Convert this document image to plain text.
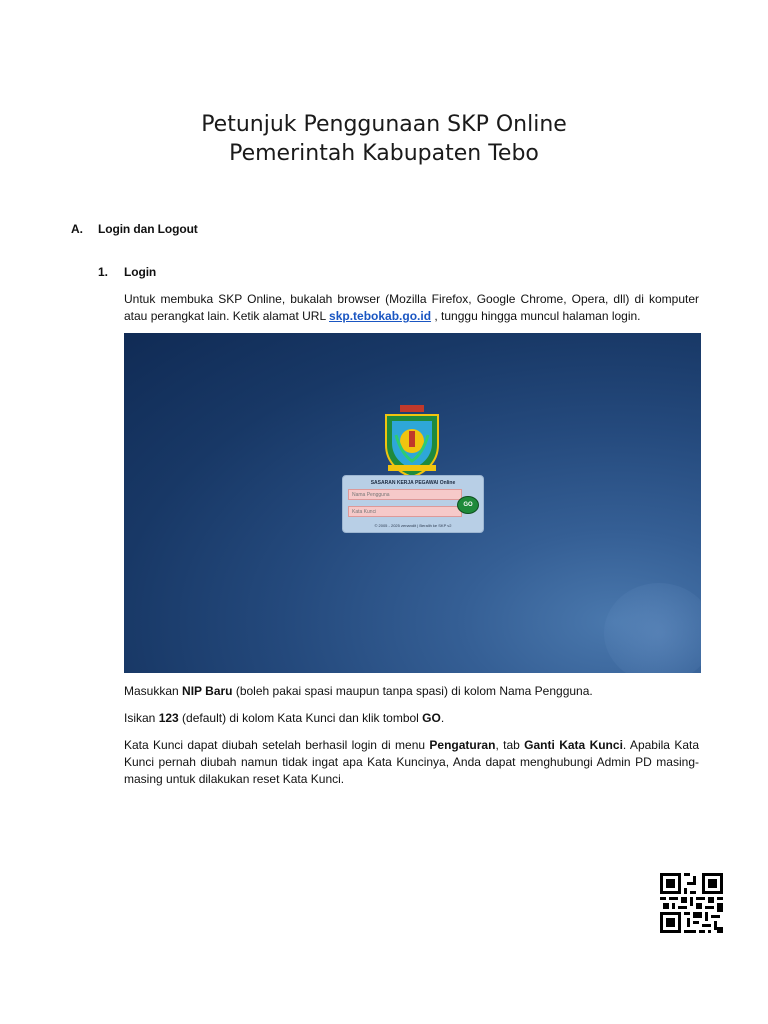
Petunjuk Penggunaan SKP Online
Pemerintah Kabupaten Tebo
A. Login dan Logout
1. Login
Untuk membuka SKP Online, bukalah browser (Mozilla Firefox, Google Chrome, Opera, dll) di komputer atau perangkat lain. Ketik alamat URL skp.tebokab.go.id , tunggu hingga muncul halaman login.
SASARAN KERJA PEGAWAI Online
Nama Pengguna
Kata Kunci
GO
© 2005 - 2025 zenandit | Beralih ke SKP v2
Masukkan NIP Baru (boleh pakai spasi maupun tanpa spasi) di kolom Nama Pengguna.
Isikan 123 (default) di kolom Kata Kunci dan klik tombol GO.
Kata Kunci dapat diubah setelah berhasil login di menu Pengaturan, tab Ganti Kata Kunci. Apabila Kata Kunci pernah diubah namun tidak ingat apa Kata Kuncinya, Anda dapat menghubungi Admin PD masing-masing untuk dilakukan reset Kata Kunci.
